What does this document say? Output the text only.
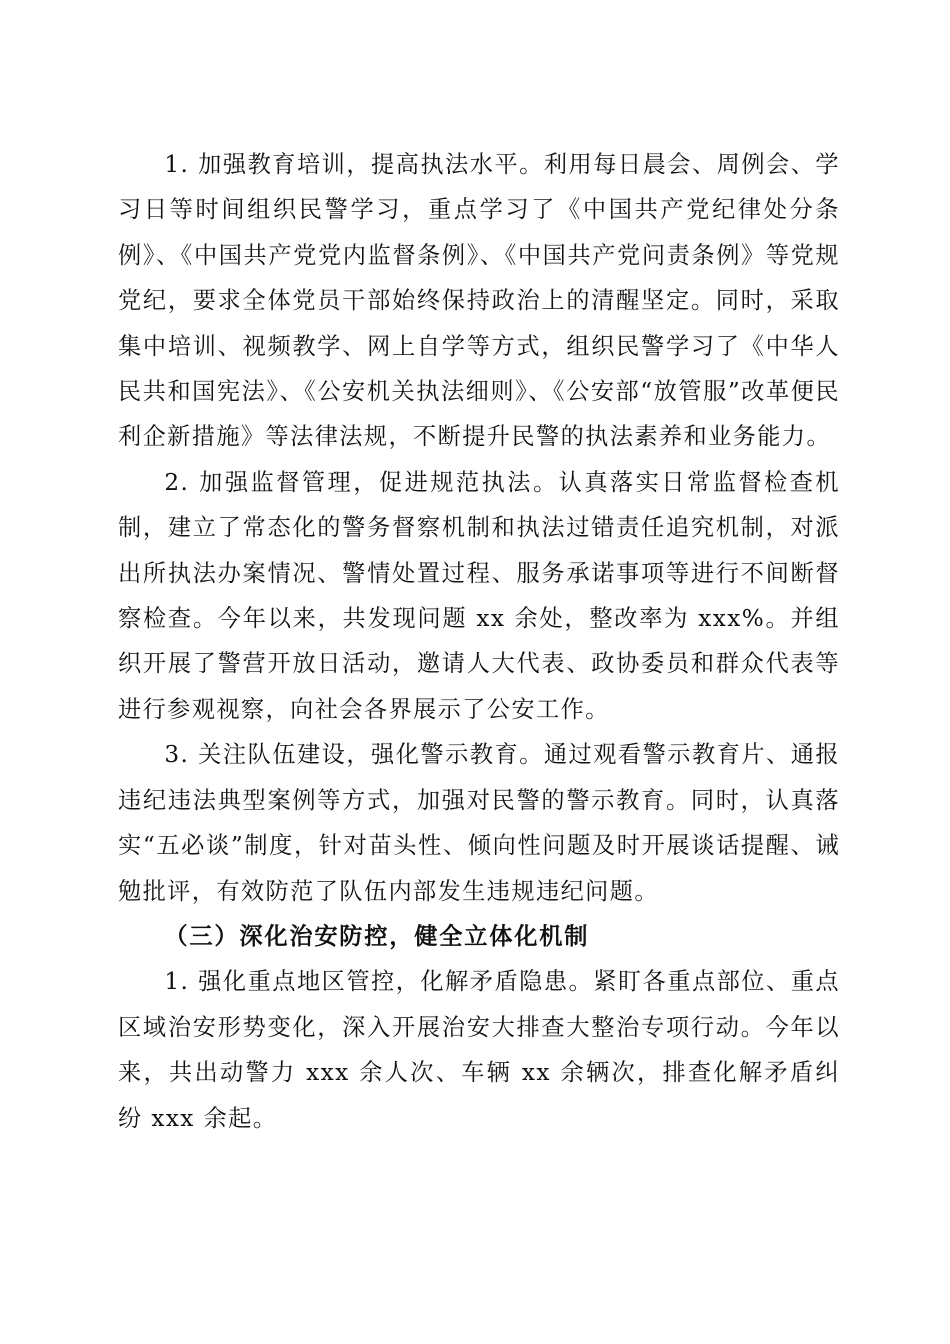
1. 加强教育培训，提高执法水平。利用每日晨会、周例会、学习日等时间组织民警学习，重点学习了《中国共产党纪律处分条例》、《中国共产党党内监督条例》、《中国共产党问责条例》等党规党纪，要求全体党员干部始终保持政治上的清醒坚定。同时，采取集中培训、视频教学、网上自学等方式，组织民警学习了《中华人民共和国宪法》、《公安机关执法细则》、《公安部“放管服”改革便民利企新措施》等法律法规，不断提升民警的执法素养和业务能力。

2. 加强监督管理，促进规范执法。认真落实日常监督检查机制，建立了常态化的警务督察机制和执法过错责任追究机制，对派出所执法办案情况、警情处置过程、服务承诺事项等进行不间断督察检查。今年以来，共发现问题 xx 余处，整改率为 xxx%。并组织开展了警营开放日活动，邀请人大代表、政协委员和群众代表等进行参观视察，向社会各界展示了公安工作。

3. 关注队伍建设，强化警示教育。通过观看警示教育片、通报违纪违法典型案例等方式，加强对民警的警示教育。同时，认真落实“五必谈”制度，针对苗头性、倾向性问题及时开展谈话提醒、诫勉批评，有效防范了队伍内部发生违规违纪问题。

（三）深化治安防控，健全立体化机制

1. 强化重点地区管控，化解矛盾隐患。紧盯各重点部位、重点区域治安形势变化，深入开展治安大排查大整治专项行动。今年以来，共出动警力 xxx 余人次、车辆 xx 余辆次，排查化解矛盾纠纷 xxx 余起。
